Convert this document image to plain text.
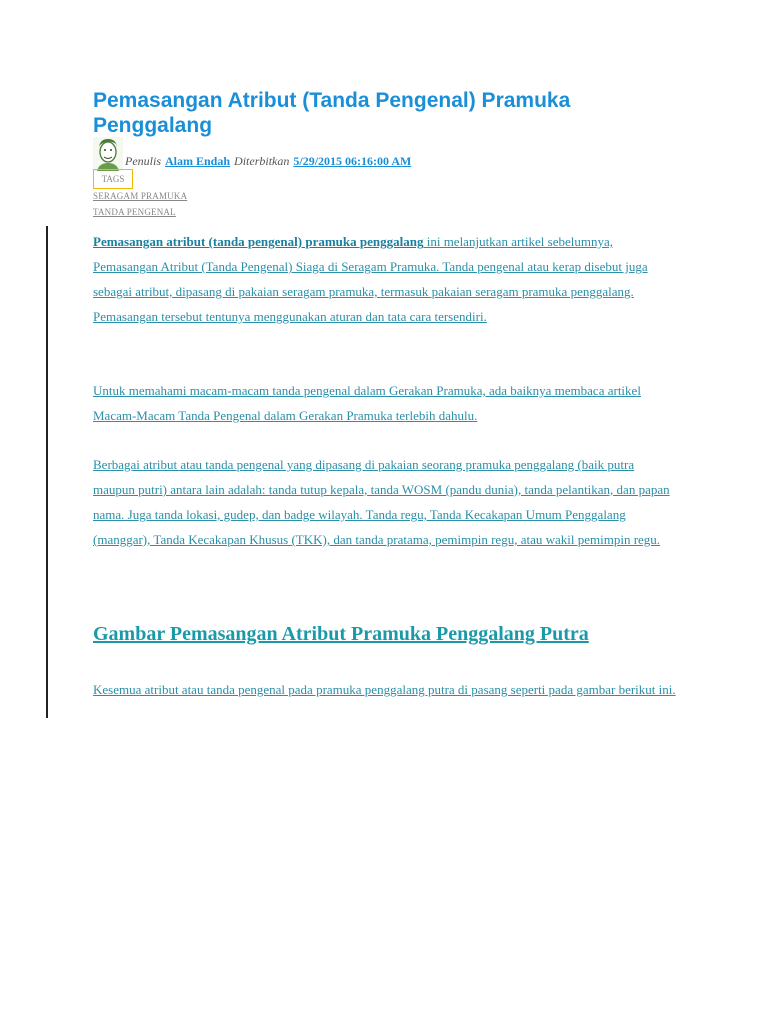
Pemasangan Atribut (Tanda Pengenal) Pramuka Penggalang
Penulis Alam Endah Diterbitkan 5/29/2015 06:16:00 AM
TAGS
SERAGAM PRAMUKA
TANDA PENGENAL

Pemasangan atribut (tanda pengenal) pramuka penggalang ini melanjutkan artikel sebelumnya, Pemasangan Atribut (Tanda Pengenal) Siaga di Seragam Pramuka. Tanda pengenal atau kerap disebut juga sebagai atribut, dipasang di pakaian seragam pramuka, termasuk pakaian seragam pramuka penggalang. Pemasangan tersebut tentunya menggunakan aturan dan tata cara tersendiri.

Untuk memahami macam-macam tanda pengenal dalam Gerakan Pramuka, ada baiknya membaca artikel Macam-Macam Tanda Pengenal dalam Gerakan Pramuka terlebih dahulu.

Berbagai atribut atau tanda pengenal yang dipasang di pakaian seorang pramuka penggalang (baik putra maupun putri) antara lain adalah: tanda tutup kepala, tanda WOSM (pandu dunia), tanda pelantikan, dan papan nama. Juga tanda lokasi, gudep, dan badge wilayah. Tanda regu, Tanda Kecakapan Umum Penggalang (manggar), Tanda Kecakapan Khusus (TKK), dan tanda pratama, pemimpin regu, atau wakil pemimpin regu.

Gambar Pemasangan Atribut Pramuka Penggalang Putra

Kesemua atribut atau tanda pengenal pada pramuka penggalang putra di pasang seperti pada gambar berikut ini.
